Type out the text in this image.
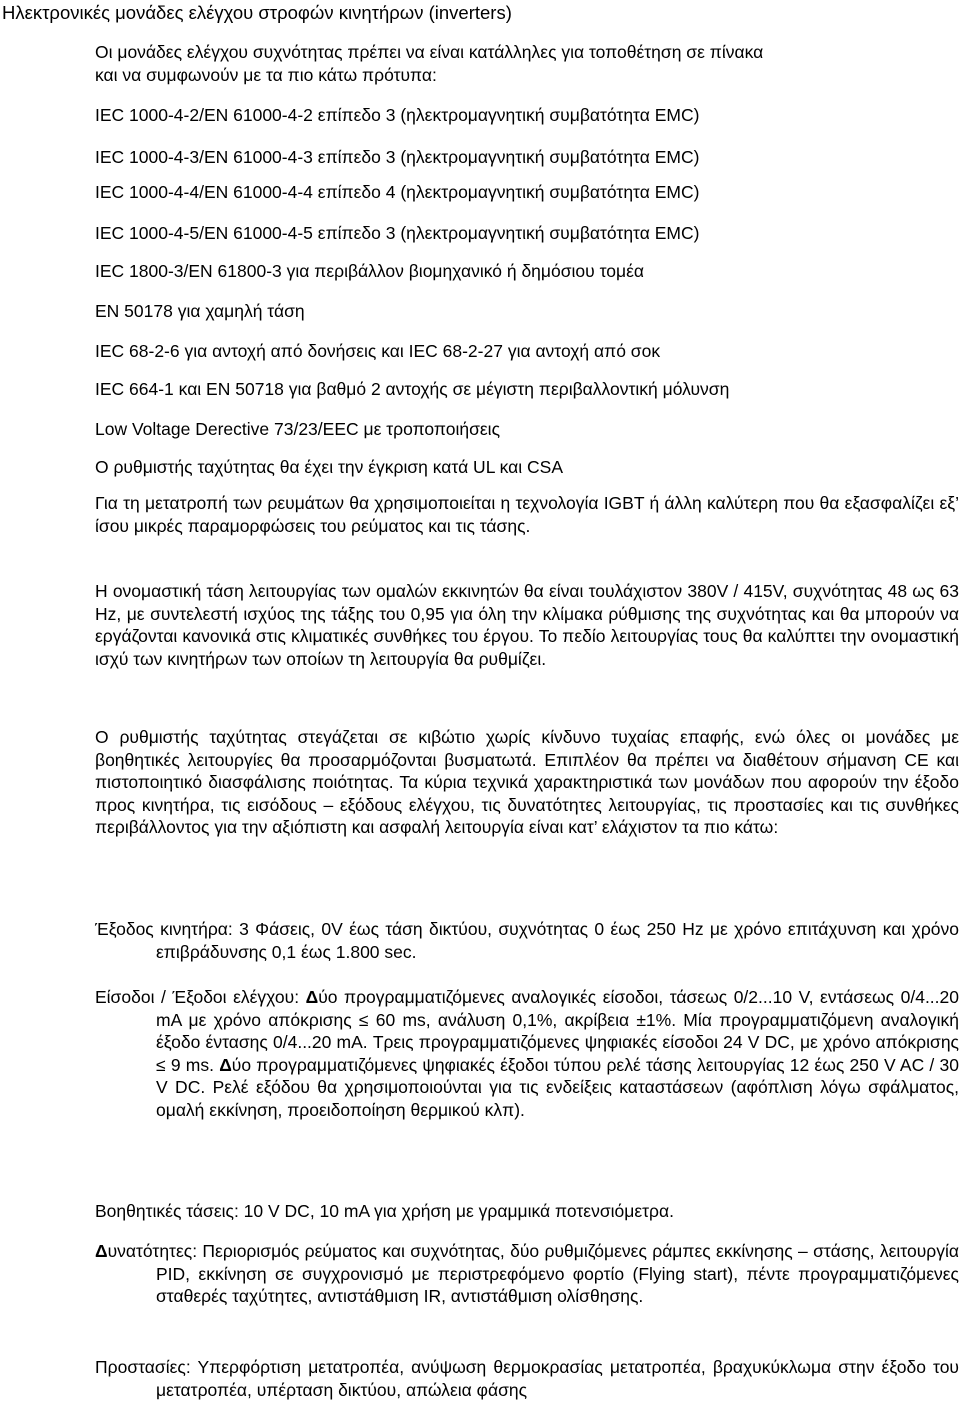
Ηλεκτρονικές μονάδες ελέγχου στροφών κινητήρων (inverters)
Οι μονάδες ελέγχου συχνότητας πρέπει να είναι κατάλληλες για τοποθέτηση σε πίνακα
και να συμφωνούν με τα πιο κάτω πρότυπα:
IEC 1000-4-2/EN 61000-4-2 επίπεδο 3 (ηλεκτρομαγνητική συμβατότητα EMC)
IEC 1000-4-3/EN 61000-4-3 επίπεδο 3 (ηλεκτρομαγνητική συμβατότητα EMC)
IEC 1000-4-4/EN 61000-4-4 επίπεδο 4 (ηλεκτρομαγνητική συμβατότητα EMC)
IEC 1000-4-5/EN 61000-4-5 επίπεδο 3 (ηλεκτρομαγνητική συμβατότητα EMC)
IEC 1800-3/EN 61800-3 για περιβάλλον βιομηχανικό ή δημόσιου τομέα
EN 50178 για χαμηλή τάση
IEC 68-2-6 για αντοχή από δονήσεις και IEC 68-2-27 για αντοχή από σοκ
IEC 664-1 και EN 50718 για βαθμό 2 αντοχής σε μέγιστη περιβαλλοντική μόλυνση
Low Voltage Derective 73/23/EEC με τροποποιήσεις
Ο ρυθμιστής ταχύτητας θα έχει την έγκριση κατά UL και CSA
Για τη μετατροπή των ρευμάτων θα χρησιμοποιείται η τεχνολογία IGBT ή άλλη καλύτερη που θα εξασφαλίζει εξ’ ίσου μικρές παραμορφώσεις του ρεύματος και τις τάσης.
Η ονομαστική τάση λειτουργίας των ομαλών εκκινητών θα είναι τουλάχιστον 380V / 415V, συχνότητας 48 ως 63 Hz, με συντελεστή ισχύος της τάξης του 0,95 για όλη την κλίμακα ρύθμισης της συχνότητας και θα μπορούν να εργάζονται κανονικά στις κλιματικές συνθήκες του έργου. Το πεδίο λειτουργίας τους θα καλύπτει την ονομαστική ισχύ των κινητήρων των οποίων τη λειτουργία θα ρυθμίζει.
Ο ρυθμιστής ταχύτητας στεγάζεται σε κιβώτιο χωρίς κίνδυνο τυχαίας επαφής, ενώ όλες οι μονάδες με βοηθητικές λειτουργίες θα προσαρμόζονται βυσματωτά. Επιπλέον θα πρέπει να διαθέτουν σήμανση CE και πιστοποιητικό διασφάλισης ποιότητας. Τα κύρια τεχνικά χαρακτηριστικά των μονάδων που αφορούν την έξοδο προς κινητήρα, τις εισόδους – εξόδους ελέγχου, τις δυνατότητες λειτουργίας, τις προστασίες και τις συνθήκες περιβάλλοντος για την αξιόπιστη και ασφαλή λειτουργία είναι κατ’ ελάχιστον τα πιο κάτω:
Έξοδος κινητήρα: 3 Φάσεις, 0V έως τάση δικτύου, συχνότητας 0 έως 250 Hz με χρόνο επιτάχυνση και χρόνο επιβράδυνσης 0,1 έως 1.800 sec.
Είσοδοι / Έξοδοι ελέγχου: Δύο προγραμματιζόμενες αναλογικές είσοδοι, τάσεως 0/2...10 V, εντάσεως 0/4...20 mA με χρόνο απόκρισης ≤ 60 ms, ανάλυση 0,1%, ακρίβεια ±1%. Μία προγραμματιζόμενη αναλογική έξοδο έντασης 0/4...20 mA. Τρεις προγραμματιζόμενες ψηφιακές είσοδοι 24 V DC, με χρόνο απόκρισης ≤ 9 ms. Δύο προγραμματιζόμενες ψηφιακές έξοδοι τύπου ρελέ τάσης λειτουργίας 12 έως 250 V AC / 30 V DC. Ρελέ εξόδου θα χρησιμοποιούνται για τις ενδείξεις καταστάσεων (αφόπλιση λόγω σφάλματος, ομαλή εκκίνηση, προειδοποίηση θερμικού κλπ).
Βοηθητικές τάσεις: 10 V DC, 10 mA για χρήση με γραμμικά ποτενσιόμετρα.
Δυνατότητες: Περιορισμός ρεύματος και συχνότητας, δύο ρυθμιζόμενες ράμπες εκκίνησης – στάσης, λειτουργία PID, εκκίνηση σε συγχρονισμό με περιστρεφόμενο φορτίο (Flying start), πέντε προγραμματιζόμενες σταθερές ταχύτητες, αντιστάθμιση IR, αντιστάθμιση ολίσθησης.
Προστασίες: Υπερφόρτιση μετατροπέα, ανύψωση θερμοκρασίας μετατροπέα, βραχυκύκλωμα στην έξοδο του μετατροπέα, υπέρταση δικτύου, απώλεια φάσης
